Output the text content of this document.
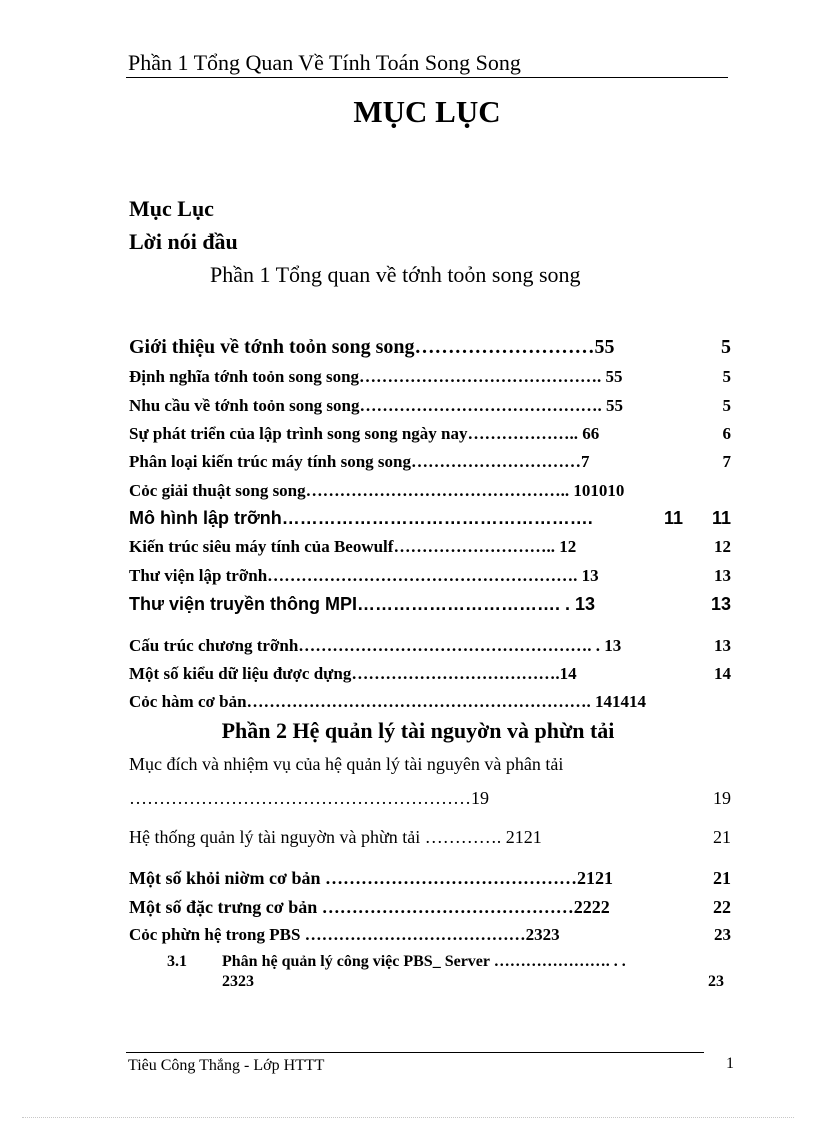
Phần 1 Tổng Quan Về Tính Toán Song Song
MỤC LỤC
Mục Lục
Lời nói đầu
Phần 1 Tổng quan về tớnh toỏn song song
Giới thiệu về tớnh toỏn song song………………………55	5
Định nghĩa tớnh toỏn song song……………………………………. 55	5
Nhu cầu về tớnh toỏn song song……………………………………. 55	5
Sự phát triển của lập trình song song ngày nay……………….. 66	6
Phân loại kiến trúc máy tính song song…………………………7	7
Cỏc giải thuật song song……………………………………….. 101010
Mô hình lập trỡnh…………………………………………….	11 11
Kiến trúc siêu máy tính của Beowulf……………………….. 12	12
Thư viện lập trỡnh………………………………………………. 13	13
Thư viện truyền thông MPI……………………………. . 13	13
Cấu trúc chương trỡnh……………………………………………. . 13	13
Một số kiểu dữ liệu được dựng……………………………….14	14
Cỏc hàm cơ bản……………………………………………………. 141414
Phần 2 Hệ quản lý tài nguyờn và phừn tải
Mục đích và nhiệm vụ của hệ quản lý tài nguyên và phân tải
…………………………………………………19	19
Hệ thống quản lý tài nguyờn và phừn tải …………. 2121	21
Một số khỏi niờm cơ bản ……………………………………2121	21
Một số đặc trưng cơ bản ……………………………………2222	22
Cỏc phừn hệ trong PBS …………………………………2323	23
3.1 Phân hệ quản lý công việc PBS_ Server …………………. . .
2323	23
Tiêu Công Thắng - Lớp HTTT	1
